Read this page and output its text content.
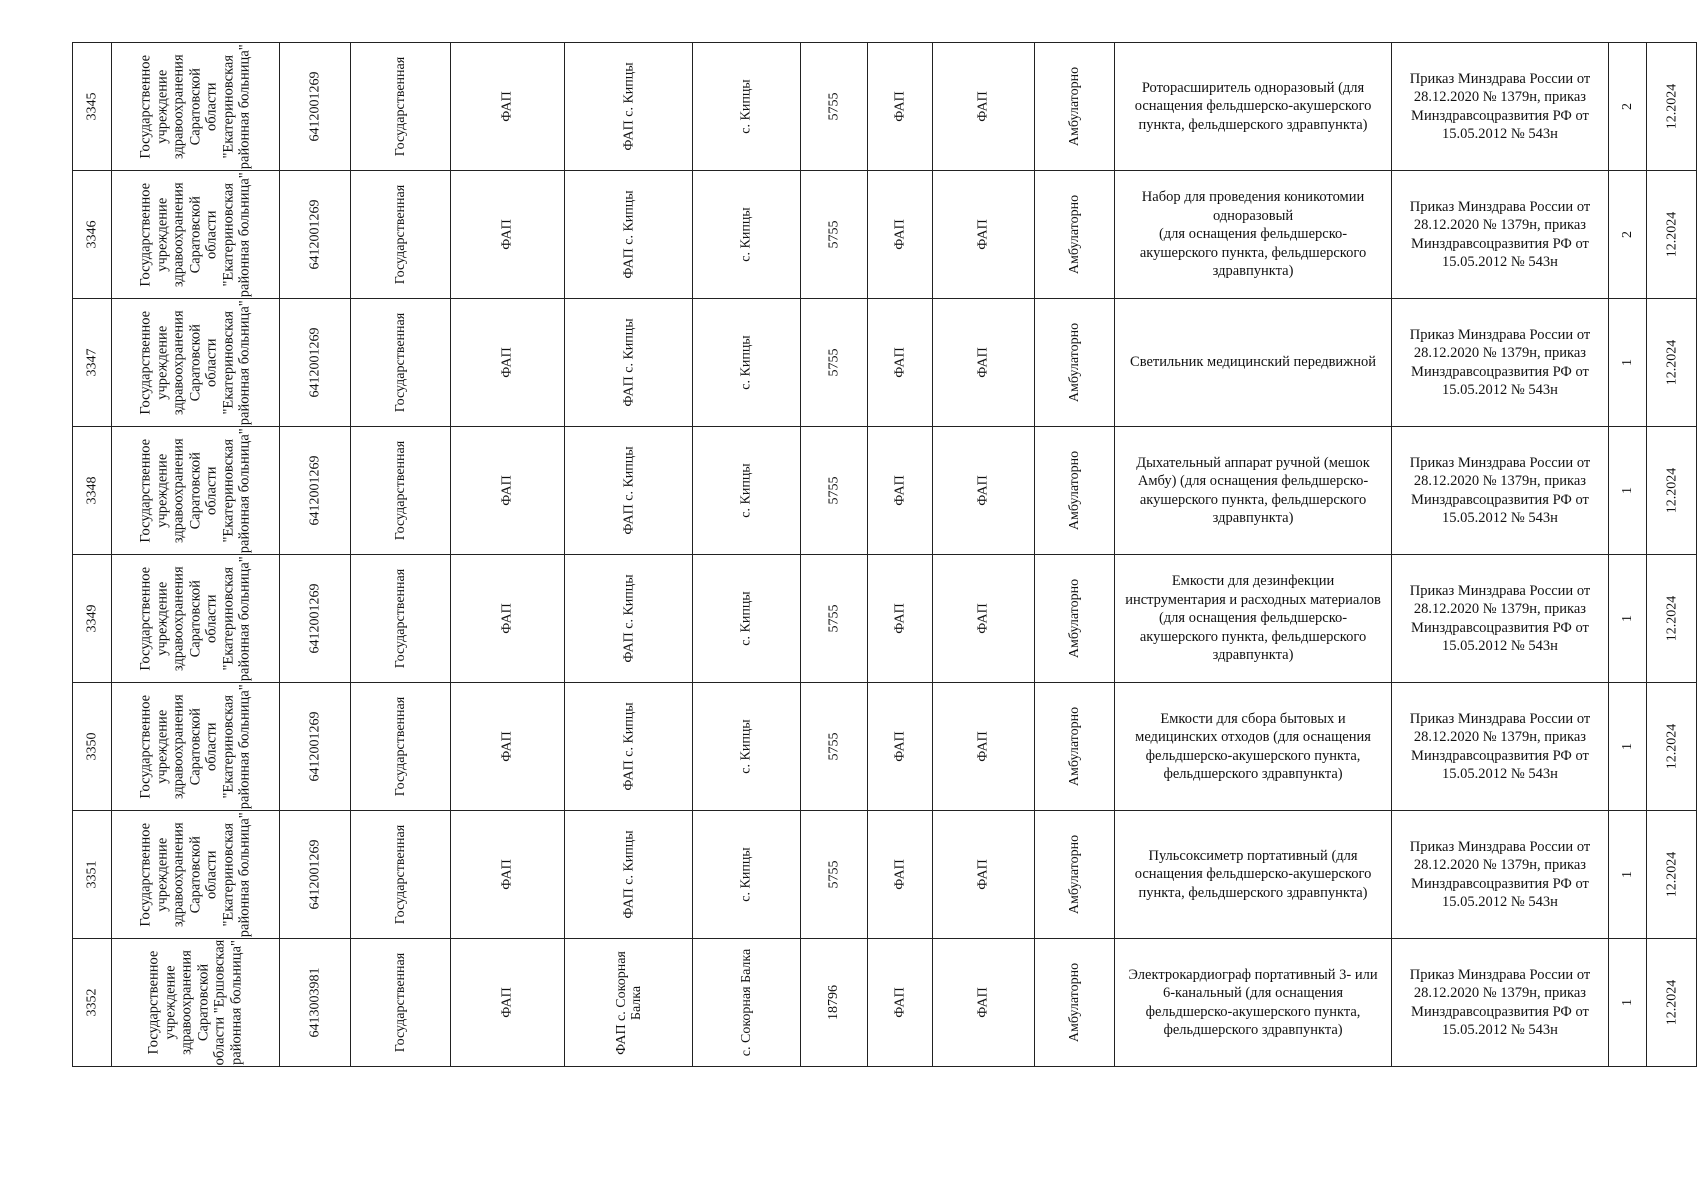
3345	Государственное учреждение здравоохранения Саратовской области "Екатериновская районная больница"	6412001269	Государственная	ФАП	ФАП с. Кипцы	с. Кипцы	5755	ФАП	ФАП	Амбулаторно	Роторасширитель одноразовый (для оснащения фельдшерско-акушерского пункта, фельдшерского здравпункта)	Приказ Минздрава России от 28.12.2020 № 1379н, приказ Минздравсоцразвития РФ от 15.05.2012 № 543н	2	12.2024

3346	Государственное учреждение здравоохранения Саратовской области "Екатериновская районная больница"	6412001269	Государственная	ФАП	ФАП с. Кипцы	с. Кипцы	5755	ФАП	ФАП	Амбулаторно	Набор для проведения коникотомии одноразовый
(для оснащения фельдшерско-акушерского пункта, фельдшерского здравпункта)	Приказ Минздрава России от 28.12.2020 № 1379н, приказ Минздравсоцразвития РФ от 15.05.2012 № 543н	2	12.2024

3347	Государственное учреждение здравоохранения Саратовской области "Екатериновская районная больница"	6412001269	Государственная	ФАП	ФАП с. Кипцы	с. Кипцы	5755	ФАП	ФАП	Амбулаторно	Светильник медицинский передвижной	Приказ Минздрава России от 28.12.2020 № 1379н, приказ Минздравсоцразвития РФ от 15.05.2012 № 543н	1	12.2024

3348	Государственное учреждение здравоохранения Саратовской области "Екатериновская районная больница"	6412001269	Государственная	ФАП	ФАП с. Кипцы	с. Кипцы	5755	ФАП	ФАП	Амбулаторно	Дыхательный аппарат ручной (мешок Амбу) (для оснащения фельдшерско-акушерского пункта, фельдшерского здравпункта)	Приказ Минздрава России от 28.12.2020 № 1379н, приказ Минздравсоцразвития РФ от 15.05.2012 № 543н	1	12.2024

3349	Государственное учреждение здравоохранения Саратовской области "Екатериновская районная больница"	6412001269	Государственная	ФАП	ФАП с. Кипцы	с. Кипцы	5755	ФАП	ФАП	Амбулаторно	Емкости для дезинфекции инструментария и расходных материалов (для оснащения фельдшерско-акушерского пункта, фельдшерского здравпункта)	Приказ Минздрава России от 28.12.2020 № 1379н, приказ Минздравсоцразвития РФ от 15.05.2012 № 543н	1	12.2024

3350	Государственное учреждение здравоохранения Саратовской области "Екатериновская районная больница"	6412001269	Государственная	ФАП	ФАП с. Кипцы	с. Кипцы	5755	ФАП	ФАП	Амбулаторно	Емкости для сбора бытовых и медицинских отходов (для оснащения фельдшерско-акушерского пункта, фельдшерского здравпункта)	Приказ Минздрава России от 28.12.2020 № 1379н, приказ Минздравсоцразвития РФ от 15.05.2012 № 543н	1	12.2024

3351	Государственное учреждение здравоохранения Саратовской области "Екатериновская районная больница"	6412001269	Государственная	ФАП	ФАП с. Кипцы	с. Кипцы	5755	ФАП	ФАП	Амбулаторно	Пульсоксиметр портативный (для оснащения фельдшерско-акушерского пункта, фельдшерского здравпункта)	Приказ Минздрава России от 28.12.2020 № 1379н, приказ Минздравсоцразвития РФ от 15.05.2012 № 543н	1	12.2024

3352	Государственное учреждение здравоохранения Саратовской области "Ершовская районная больница"	6413003981	Государственная	ФАП	ФАП с. Сокорная Балка	с. Сокорная Балка	18796	ФАП	ФАП	Амбулаторно	Электрокардиограф портативный 3- или 6-канальный (для оснащения фельдшерско-акушерского пункта, фельдшерского здравпункта)	Приказ Минздрава России от 28.12.2020 № 1379н, приказ Минздравсоцразвития РФ от 15.05.2012 № 543н	1	12.2024
